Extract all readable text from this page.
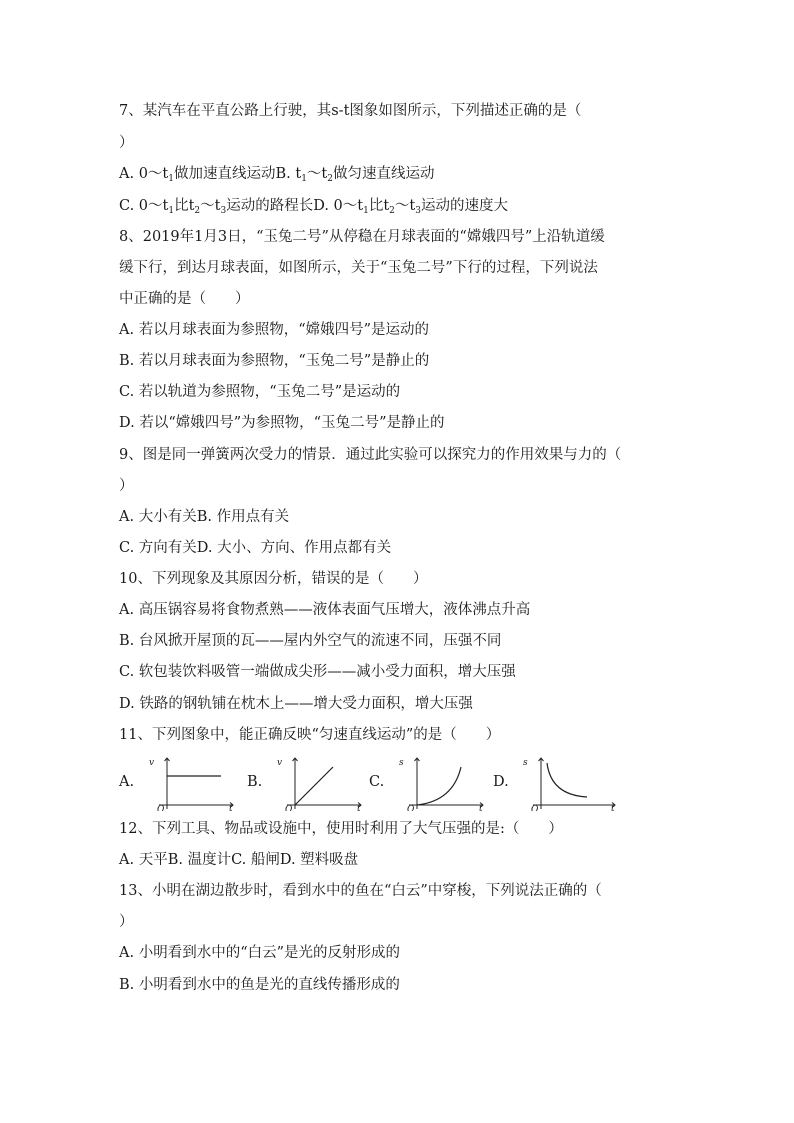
7、某汽车在平直公路上行驶，其s-t图象如图所示，下列描述正确的是（
）
A. $0\sim t_1$做加速直线运动B. $t_1\sim t_2$做匀速直线运动
C. $0\sim t_1$比$t_2\sim t_3$运动的路程长D. $0\sim t_1$比$t_2\sim t_3$运动的速度大
8、2019年1月3日，“玉兔二号”从停稳在月球表面的“嫦娥四号”上沿轨道缓
缓下行，到达月球表面，如图所示，关于“玉兔二号”下行的过程，下列说法
中正确的是（　　）
A. 若以月球表面为参照物，“嫦娥四号”是运动的
B. 若以月球表面为参照物，“玉兔二号”是静止的
C. 若以轨道为参照物，“玉兔二号”是运动的
D. 若以“嫦娥四号”为参照物，“玉兔二号”是静止的
9、图是同一弹簧两次受力的情景．通过此实验可以探究力的作用效果与力的（
）
A. 大小有关B. 作用点有关
C. 方向有关D. 大小、方向、作用点都有关
10、下列现象及其原因分析，错误的是（　　）
A. 高压锅容易将食物煮熟——液体表面气压增大，液体沸点升高
B. 台风掀开屋顶的瓦——屋内外空气的流速不同，压强不同
C. 软包装饮料吸管一端做成尖形——减小受力面积，增大压强
D. 铁路的钢轨铺在枕木上——增大受力面积，增大压强
11、下列图象中，能正确反映“匀速直线运动”的是（　　）
A.
v
t
O
B.
v
t
O
C.
s
t
O
D.
s
t
O
12、下列工具、物品或设施中，使用时利用了大气压强的是:（　　）
A. 天平B. 温度计C. 船闸D. 塑料吸盘
13、小明在湖边散步时，看到水中的鱼在“白云”中穿梭，下列说法正确的（
）
A. 小明看到水中的“白云”是光的反射形成的
B. 小明看到水中的鱼是光的直线传播形成的
